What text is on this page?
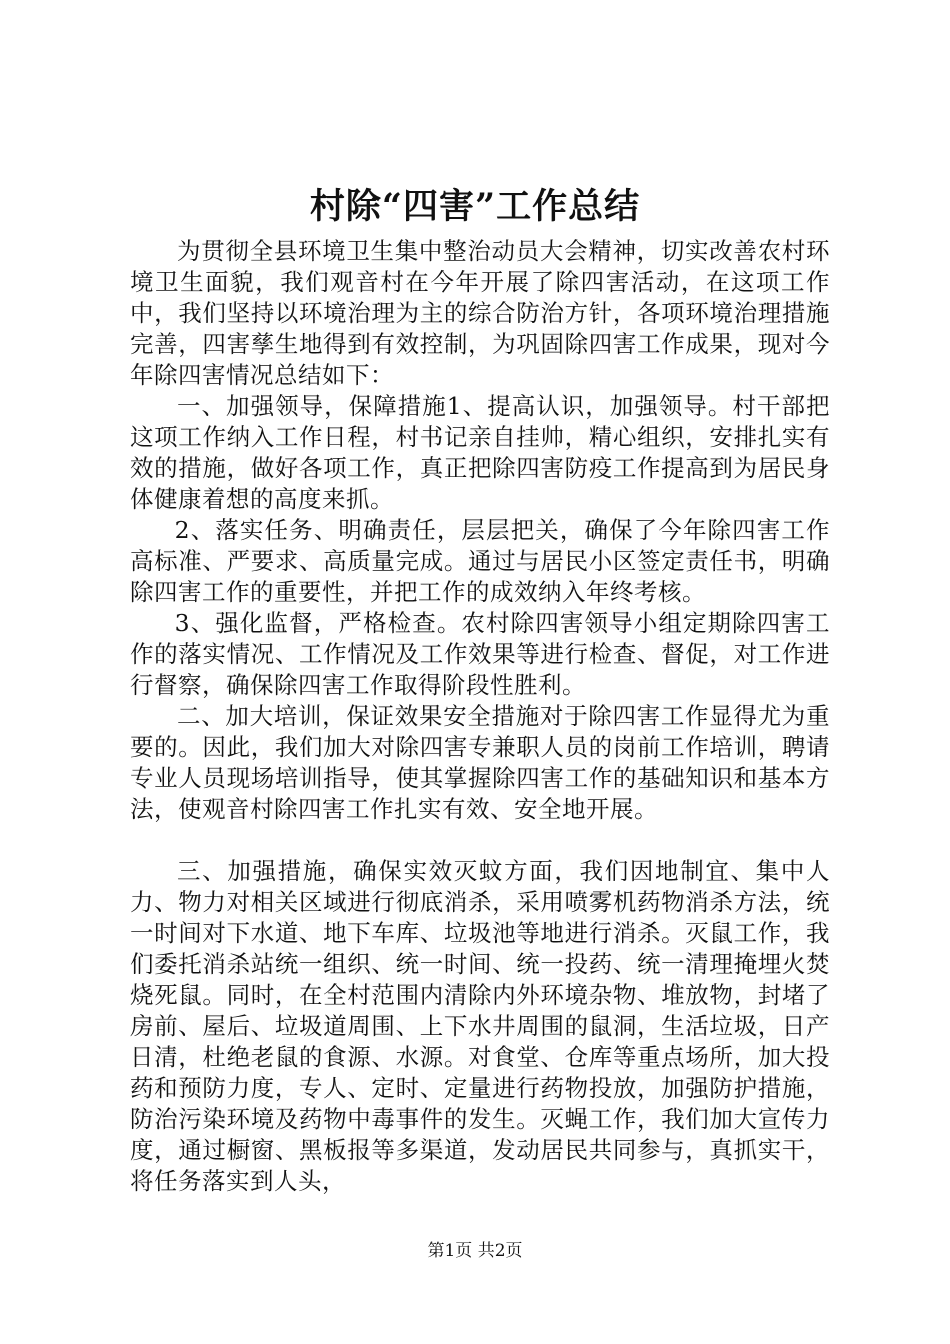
村除“四害”工作总结

为贯彻全县环境卫生集中整治动员大会精神，切实改善农村环境卫生面貌，我们观音村在今年开展了除四害活动，在这项工作中，我们坚持以环境治理为主的综合防治方针，各项环境治理措施完善，四害孳生地得到有效控制，为巩固除四害工作成果，现对今年除四害情况总结如下：

一、加强领导，保障措施1、提高认识，加强领导。村干部把这项工作纳入工作日程，村书记亲自挂帅，精心组织，安排扎实有效的措施，做好各项工作，真正把除四害防疫工作提高到为居民身体健康着想的高度来抓。

2、落实任务、明确责任，层层把关，确保了今年除四害工作高标准、严要求、高质量完成。通过与居民小区签定责任书，明确除四害工作的重要性，并把工作的成效纳入年终考核。

3、强化监督，严格检查。农村除四害领导小组定期除四害工作的落实情况、工作情况及工作效果等进行检查、督促，对工作进行督察，确保除四害工作取得阶段性胜利。

二、加大培训，保证效果安全措施对于除四害工作显得尤为重要的。因此，我们加大对除四害专兼职人员的岗前工作培训，聘请专业人员现场培训指导，使其掌握除四害工作的基础知识和基本方法，使观音村除四害工作扎实有效、安全地开展。

三、加强措施，确保实效灭蚊方面，我们因地制宜、集中人力、物力对相关区域进行彻底消杀，采用喷雾机药物消杀方法，统一时间对下水道、地下车库、垃圾池等地进行消杀。灭鼠工作，我们委托消杀站统一组织、统一时间、统一投药、统一清理掩埋火焚烧死鼠。同时，在全村范围内清除内外环境杂物、堆放物，封堵了房前、屋后、垃圾道周围、上下水井周围的鼠洞，生活垃圾，日产日清，杜绝老鼠的食源、水源。对食堂、仓库等重点场所，加大投药和预防力度，专人、定时、定量进行药物投放，加强防护措施，防治污染环境及药物中毒事件的发生。灭蝇工作，我们加大宣传力度，通过橱窗、黑板报等多渠道，发动居民共同参与，真抓实干，将任务落实到人头，

第1页 共2页
